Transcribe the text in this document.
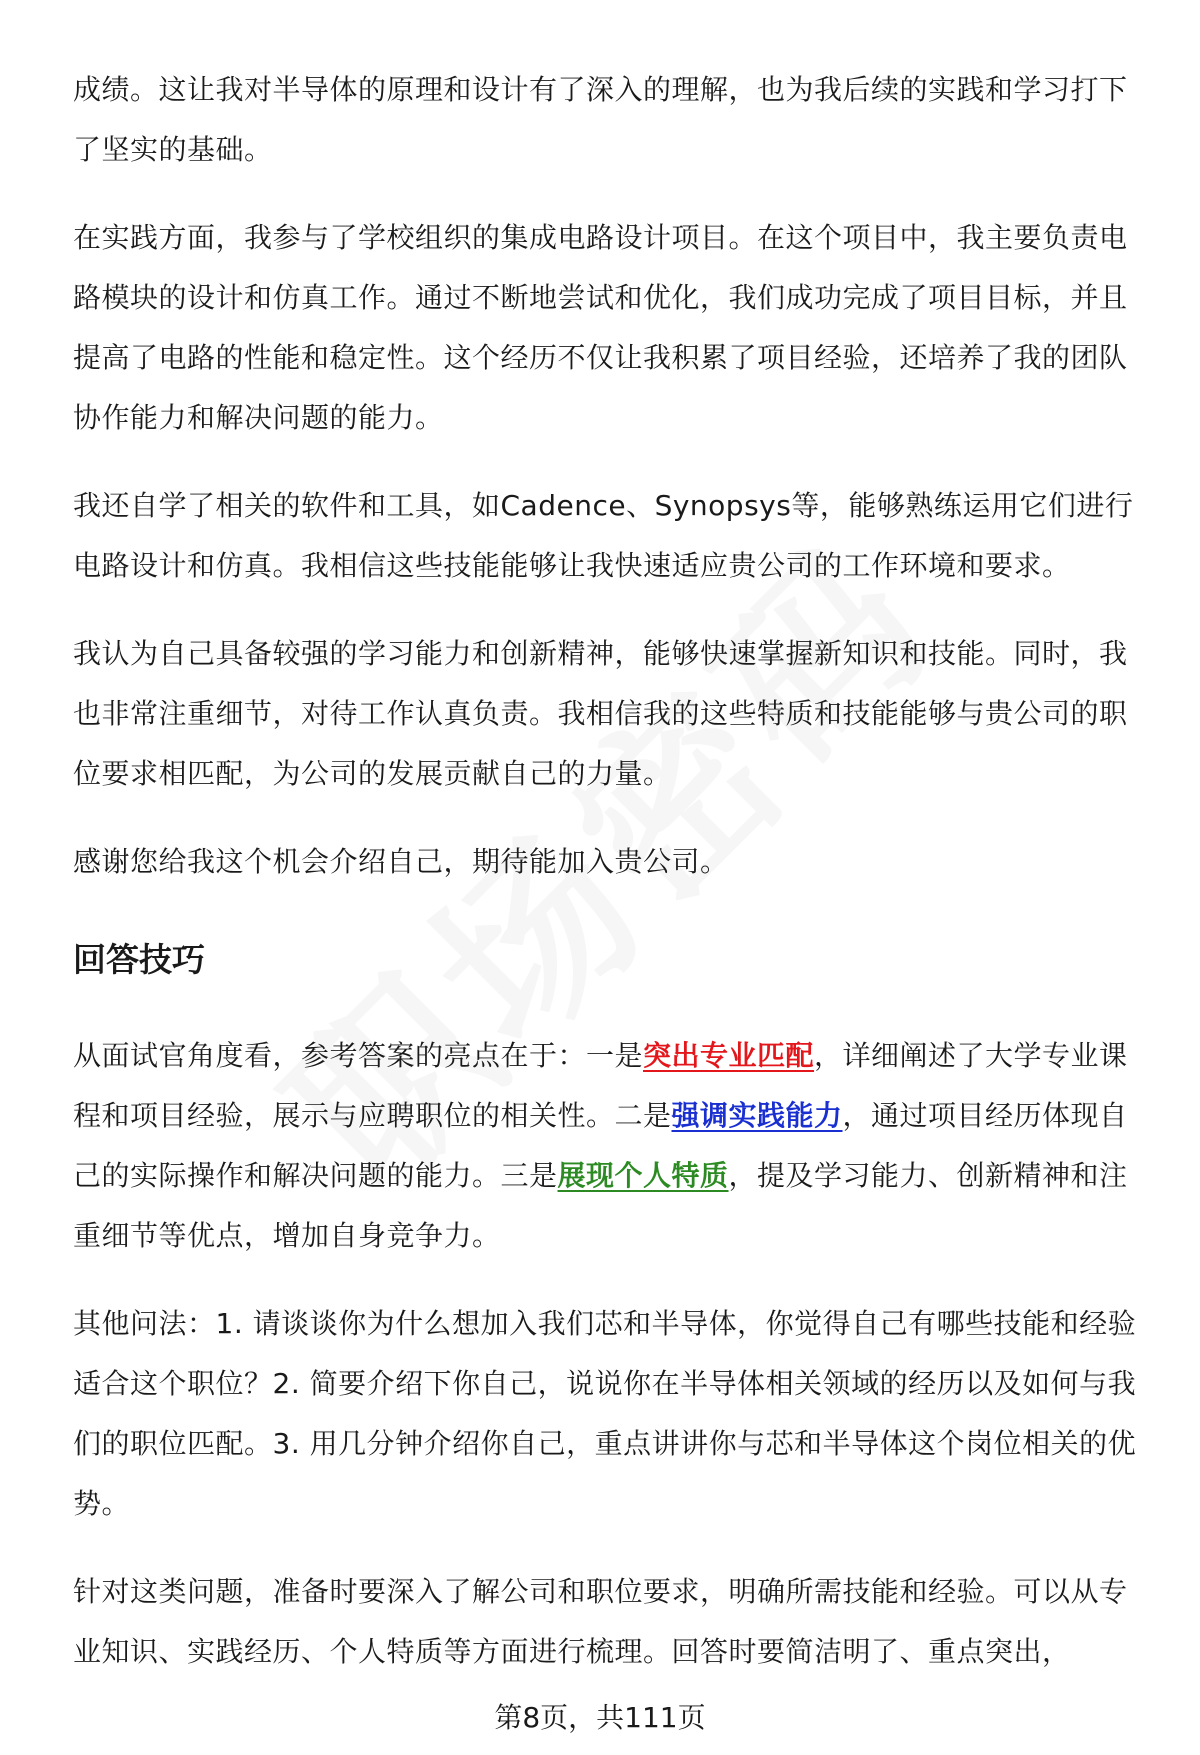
成绩。这让我对半导体的原理和设计有了深入的理解，也为我后续的实践和学习打下了坚实的基础。

在实践方面，我参与了学校组织的集成电路设计项目。在这个项目中，我主要负责电路模块的设计和仿真工作。通过不断地尝试和优化，我们成功完成了项目目标，并且提高了电路的性能和稳定性。这个经历不仅让我积累了项目经验，还培养了我的团队协作能力和解决问题的能力。

我还自学了相关的软件和工具，如Cadence、Synopsys等，能够熟练运用它们进行电路设计和仿真。我相信这些技能能够让我快速适应贵公司的工作环境和要求。

我认为自己具备较强的学习能力和创新精神，能够快速掌握新知识和技能。同时，我也非常注重细节，对待工作认真负责。我相信我的这些特质和技能能够与贵公司的职位要求相匹配，为公司的发展贡献自己的力量。

感谢您给我这个机会介绍自己，期待能加入贵公司。

回答技巧

从面试官角度看，参考答案的亮点在于：一是突出专业匹配，详细阐述了大学专业课程和项目经验，展示与应聘职位的相关性。二是强调实践能力，通过项目经历体现自己的实际操作和解决问题的能力。三是展现个人特质，提及学习能力、创新精神和注重细节等优点，增加自身竞争力。

其他问法：1. 请谈谈你为什么想加入我们芯和半导体，你觉得自己有哪些技能和经验适合这个职位？2. 简要介绍下你自己，说说你在半导体相关领域的经历以及如何与我们的职位匹配。3. 用几分钟介绍你自己，重点讲讲你与芯和半导体这个岗位相关的优势。

针对这类问题，准备时要深入了解公司和职位要求，明确所需技能和经验。可以从专业知识、实践经历、个人特质等方面进行梳理。回答时要简洁明了、重点突出，

第8页，共111页
